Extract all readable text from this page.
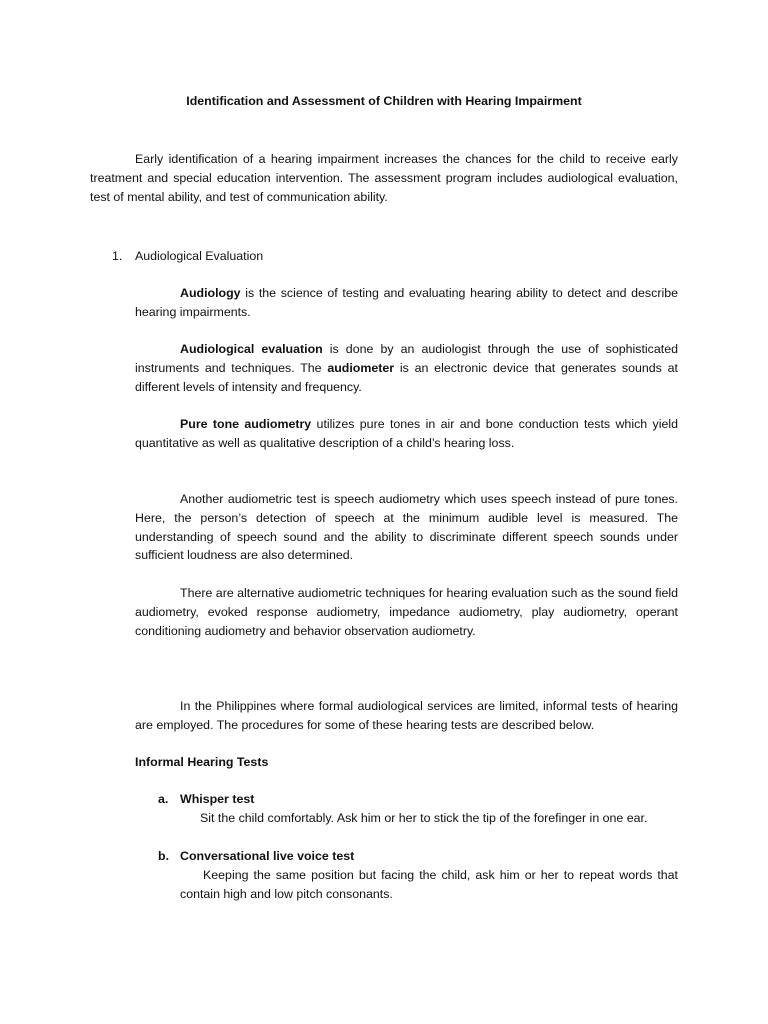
Identification and Assessment of Children with Hearing Impairment

Early identification of a hearing impairment increases the chances for the child to receive early treatment and special education intervention. The assessment program includes audiological evaluation, test of mental ability, and test of communication ability.

1. Audiological Evaluation

Audiology is the science of testing and evaluating hearing ability to detect and describe hearing impairments.

Audiological evaluation is done by an audiologist through the use of sophisticated instruments and techniques. The audiometer is an electronic device that generates sounds at different levels of intensity and frequency.

Pure tone audiometry utilizes pure tones in air and bone conduction tests which yield quantitative as well as qualitative description of a child’s hearing loss.

Another audiometric test is speech audiometry which uses speech instead of pure tones. Here, the person’s detection of speech at the minimum audible level is measured. The understanding of speech sound and the ability to discriminate different speech sounds under sufficient loudness are also determined.

There are alternative audiometric techniques for hearing evaluation such as the sound field audiometry, evoked response audiometry, impedance audiometry, play audiometry, operant conditioning audiometry and behavior observation audiometry.

In the Philippines where formal audiological services are limited, informal tests of hearing are employed. The procedures for some of these hearing tests are described below.

Informal Hearing Tests

a. Whisper test
Sit the child comfortably. Ask him or her to stick the tip of the forefinger in one ear.
b. Conversational live voice test
Keeping the same position but facing the child, ask him or her to repeat words that contain high and low pitch consonants.
